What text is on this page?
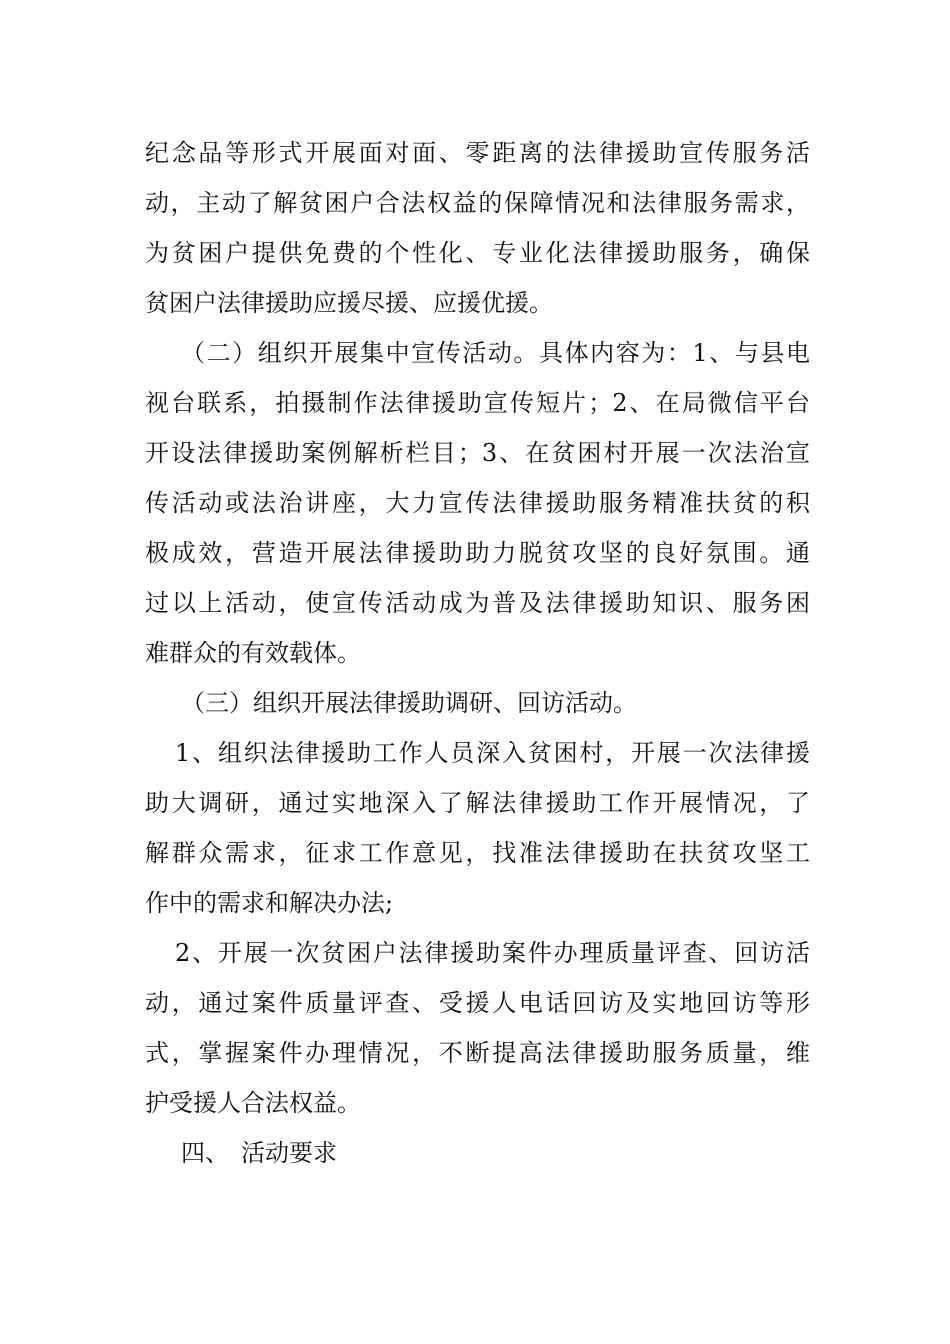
纪念品等形式开展面对面、零距离的法律援助宣传服务活
动，主动了解贫困户合法权益的保障情况和法律服务需求，
为贫困户提供免费的个性化、专业化法律援助服务，确保
贫困户法律援助应援尽援、应援优援。
（二）组织开展集中宣传活动。具体内容为：1、与县电
视台联系，拍摄制作法律援助宣传短片；2、在局微信平台
开设法律援助案例解析栏目；3、在贫困村开展一次法治宣
传活动或法治讲座，大力宣传法律援助服务精准扶贫的积
极成效，营造开展法律援助助力脱贫攻坚的良好氛围。通
过以上活动，使宣传活动成为普及法律援助知识、服务困
难群众的有效载体。
（三）组织开展法律援助调研、回访活动。
1、组织法律援助工作人员深入贫困村，开展一次法律援
助大调研，通过实地深入了解法律援助工作开展情况，了
解群众需求，征求工作意见，找准法律援助在扶贫攻坚工
作中的需求和解决办法;
2、开展一次贫困户法律援助案件办理质量评查、回访活
动，通过案件质量评查、受援人电话回访及实地回访等形
式，掌握案件办理情况，不断提高法律援助服务质量，维
护受援人合法权益。
四、　活动要求
